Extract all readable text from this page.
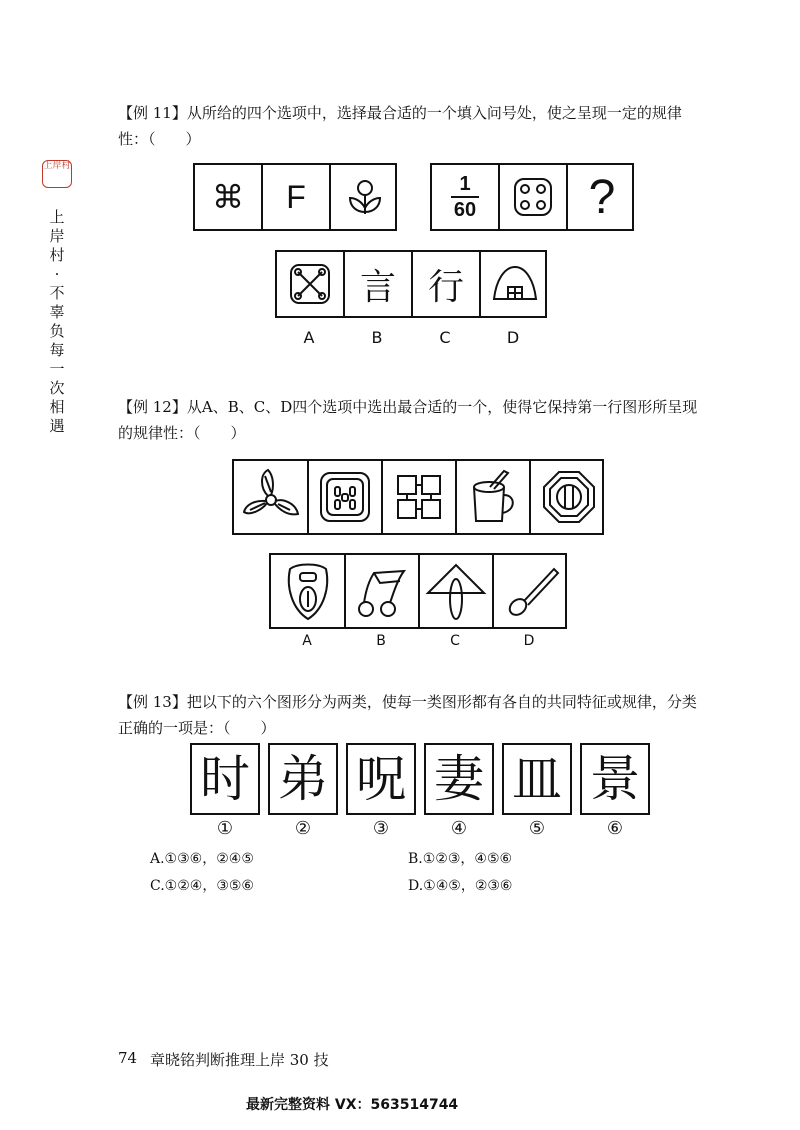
上岸村
上
岸
村
·
不
辜
负
每
一
次
相
遇
【例 11】从所给的四个选项中，选择最合适的一个填入问号处，使之呈现一定的规律性：（　　）
⌘ F	1
60 ?
言 行
A	B	C	D
【例 12】从A、B、C、D四个选项中选出最合适的一个，使得它保持第一行图形所呈现的规律性：（　　）
A	B	C	D
【例 13】把以下的六个图形分为两类，使每一类图形都有各自的共同特征或规律，分类正确的一项是：（　　）
时 弟 呪 妻 皿 景
①	②	③	④	⑤	⑥
A.①③⑥，②④⑤	B.①②③，④⑤⑥
C.①②④，③⑤⑥	D.①④⑤，②③⑥
74 章晓铭判断推理上岸 30 技
最新完整资料 VX：563514744
